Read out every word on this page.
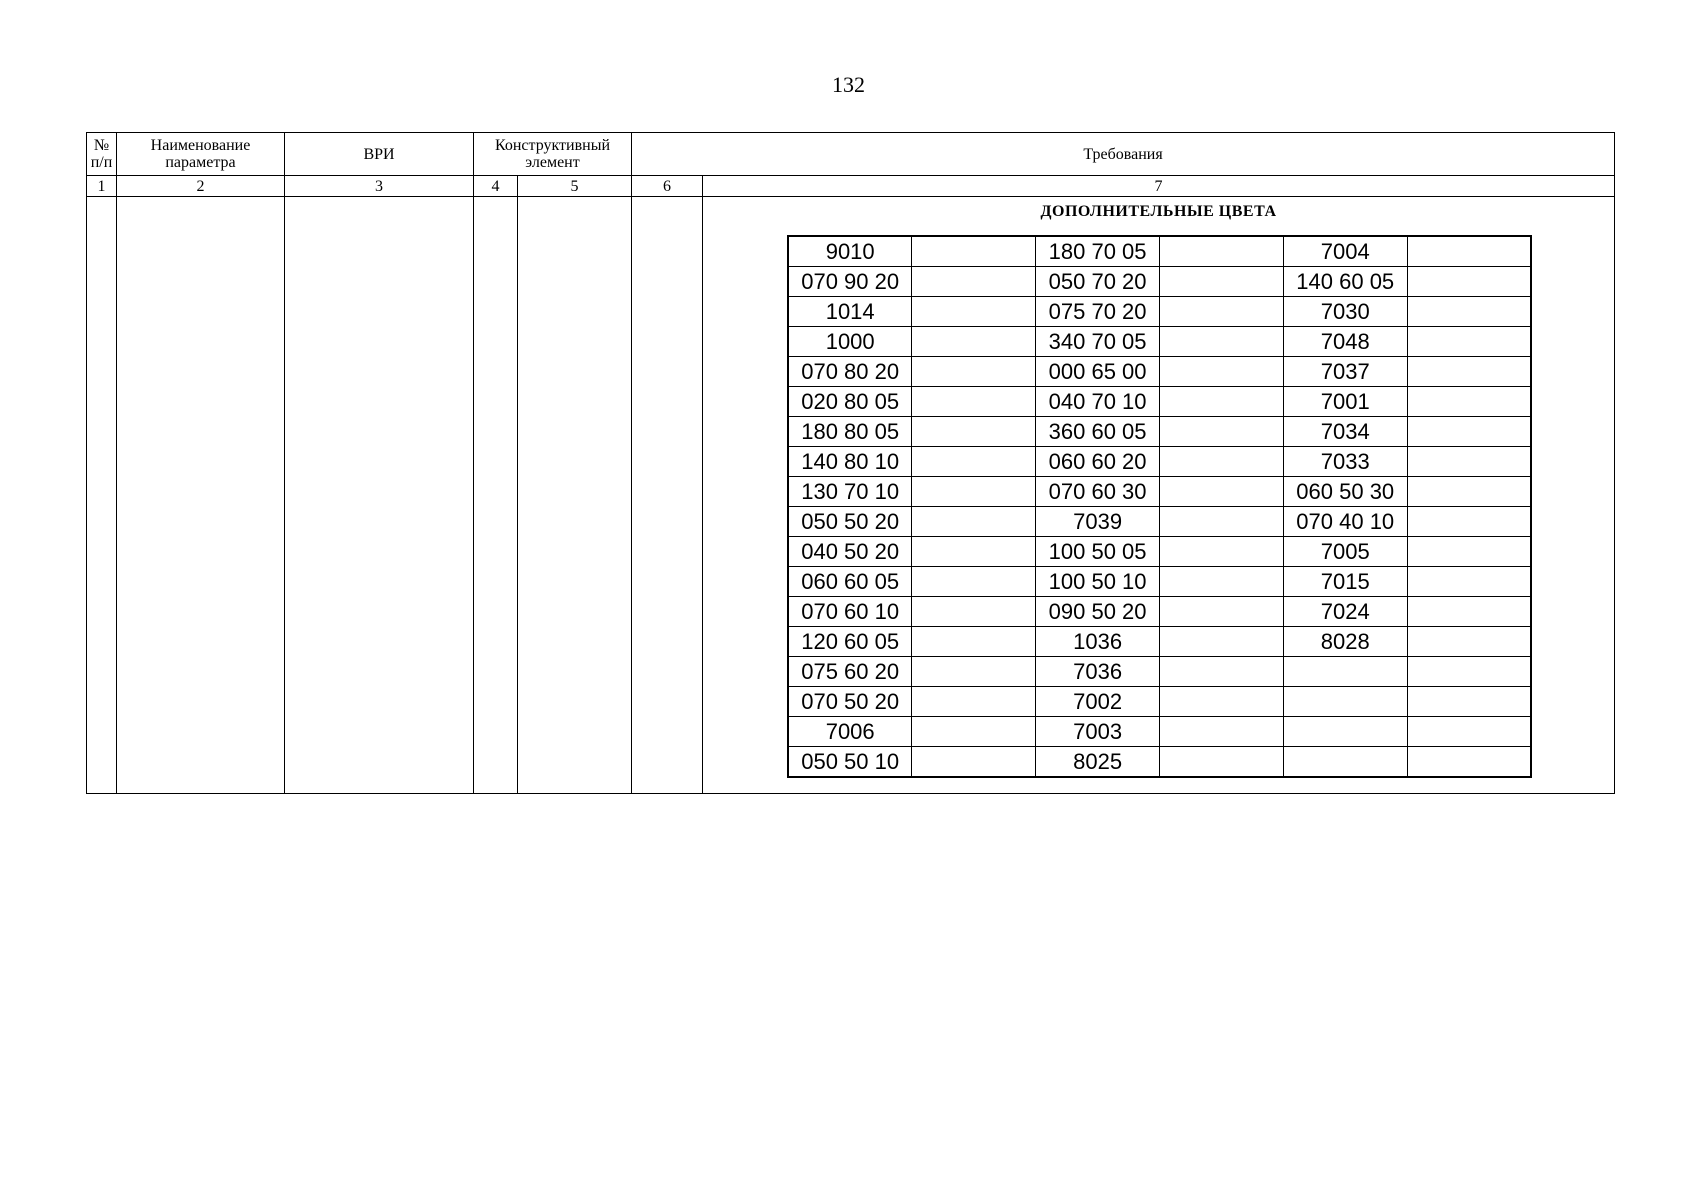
132
№ п/п	Наименование параметра	ВРИ	Конструктивный элемент	Требования
1	2	3	4	5	6	7

ДОПОЛНИТЕЛЬНЫЕ ЦВЕТА
9010		180 70 05		7004	
070 90 20		050 70 20		140 60 05	
1014		075 70 20		7030	
1000		340 70 05		7048	
070 80 20		000 65 00		7037	
020 80 05		040 70 10		7001	
180 80 05		360 60 05		7034	
140 80 10		060 60 20		7033	
130 70 10		070 60 30		060 50 30	
050 50 20		7039		070 40 10	
040 50 20		100 50 05		7005	
060 60 05		100 50 10		7015	
070 60 10		090 50 20		7024	
120 60 05		1036		8028	
075 60 20		7036			
070 50 20		7002			
7006		7003			
050 50 10		8025			
